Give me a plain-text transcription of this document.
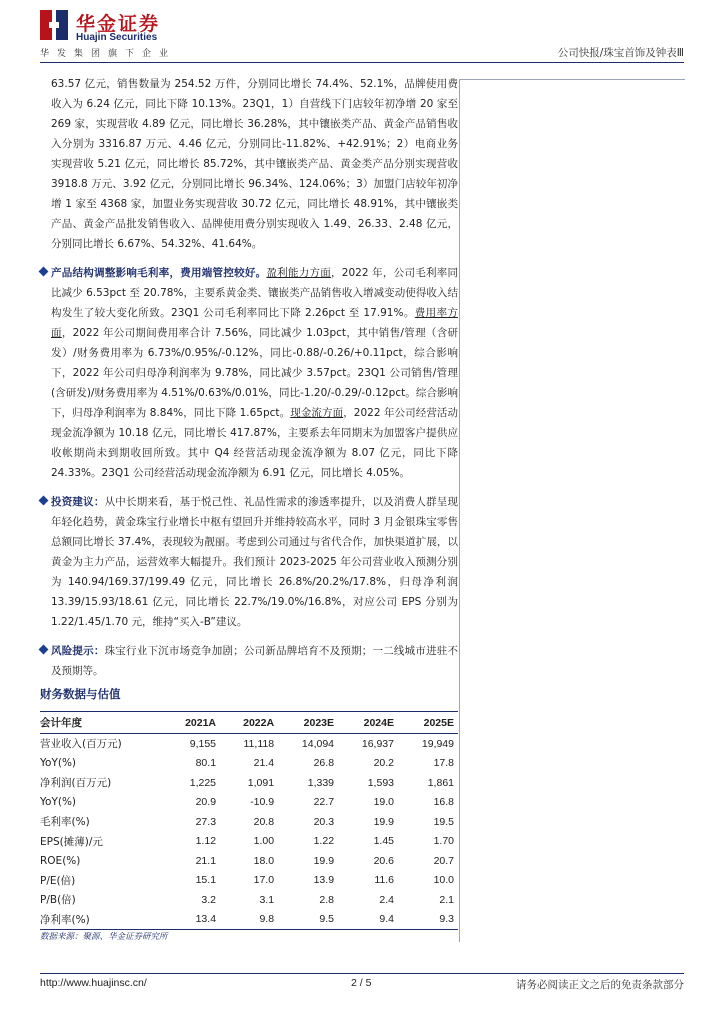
华金证券
Huajin Securities
华发集团旗下企业	公司快报/珠宝首饰及钟表Ⅲ

63.57 亿元，销售数量为 254.52 万件，分别同比增长 74.4%、52.1%，品牌使用费收入为 6.24 亿元，同比下降 10.13%。23Q1，1）自营线下门店较年初净增 20 家至 269 家，实现营收 4.89 亿元，同比增长 36.28%，其中镶嵌类产品、黄金产品销售收入分别为 3316.87 万元、4.46 亿元，分别同比-11.82%、+42.91%；2）电商业务实现营收 5.21 亿元，同比增长 85.72%，其中镶嵌类产品、黄金类产品分别实现营收 3918.8 万元、3.92 亿元，分别同比增长 96.34%、124.06%；3）加盟门店较年初净增 1 家至 4368 家，加盟业务实现营收 30.72 亿元，同比增长 48.91%，其中镶嵌类产品、黄金产品批发销售收入、品牌使用费分别实现收入 1.49、26.33、2.48 亿元，分别同比增长 6.67%、54.32%、41.64%。

产品结构调整影响毛利率，费用端管控较好。盈利能力方面，2022 年，公司毛利率同比减少 6.53pct 至 20.78%，主要系黄金类、镶嵌类产品销售收入增减变动使得收入结构发生了较大变化所致。23Q1 公司毛利率同比下降 2.26pct 至 17.91%。费用率方面，2022 年公司期间费用率合计 7.56%，同比减少 1.03pct，其中销售/管理（含研发）/财务费用率为 6.73%/0.95%/-0.12%，同比-0.88/-0.26/+0.11pct，综合影响下，2022 年公司归母净利润率为 9.78%，同比减少 3.57pct。23Q1 公司销售/管理(含研发)/财务费用率为 4.51%/0.63%/0.01%，同比-1.20/-0.29/-0.12pct。综合影响下，归母净利润率为 8.84%，同比下降 1.65pct。现金流方面，2022 年公司经营活动现金流净额为 10.18 亿元，同比增长 417.87%，主要系去年同期末为加盟客户提供应收帐期尚未到期收回所致。其中 Q4 经营活动现金流净额为 8.07 亿元，同比下降 24.33%。23Q1 公司经营活动现金流净额为 6.91 亿元，同比增长 4.05%。
投资建议：从中长期来看，基于悦己性、礼品性需求的渗透率提升，以及消费人群呈现年轻化趋势，黄金珠宝行业增长中枢有望回升并维持较高水平，同时 3 月金银珠宝零售总额同比增长 37.4%，表现较为靓丽。考虑到公司通过与省代合作，加快渠道扩展，以黄金为主力产品，运营效率大幅提升。我们预计 2023-2025 年公司营业收入预测分别为 140.94/169.37/199.49 亿元，同比增长 26.8%/20.2%/17.8%，归母净利润 13.39/15.93/18.61 亿元，同比增长 22.7%/19.0%/16.8%，对应公司 EPS 分别为 1.22/1.45/1.70 元，维持“买入-B”建议。
风险提示：珠宝行业下沉市场竞争加剧；公司新品牌培育不及预期；一二线城市进驻不及预期等。
财务数据与估值
会计年度	2021A	2022A	2023E	2024E	2025E
营业收入(百万元)	9,155	11,118	14,094	16,937	19,949
YoY(%)	80.1	21.4	26.8	20.2	17.8
净利润(百万元)	1,225	1,091	1,339	1,593	1,861
YoY(%)	20.9	-10.9	22.7	19.0	16.8
毛利率(%)	27.3	20.8	20.3	19.9	19.5
EPS(摊薄)/元	1.12	1.00	1.22	1.45	1.70
ROE(%)	21.1	18.0	19.9	20.6	20.7
P/E(倍)	15.1	17.0	13.9	11.6	10.0
P/B(倍)	3.2	3.1	2.8	2.4	2.1
净利率(%)	13.4	9.8	9.5	9.4	9.3
数据来源：聚源、华金证券研究所
http://www.huajinsc.cn/	2 / 5	请务必阅读正文之后的免责条款部分
